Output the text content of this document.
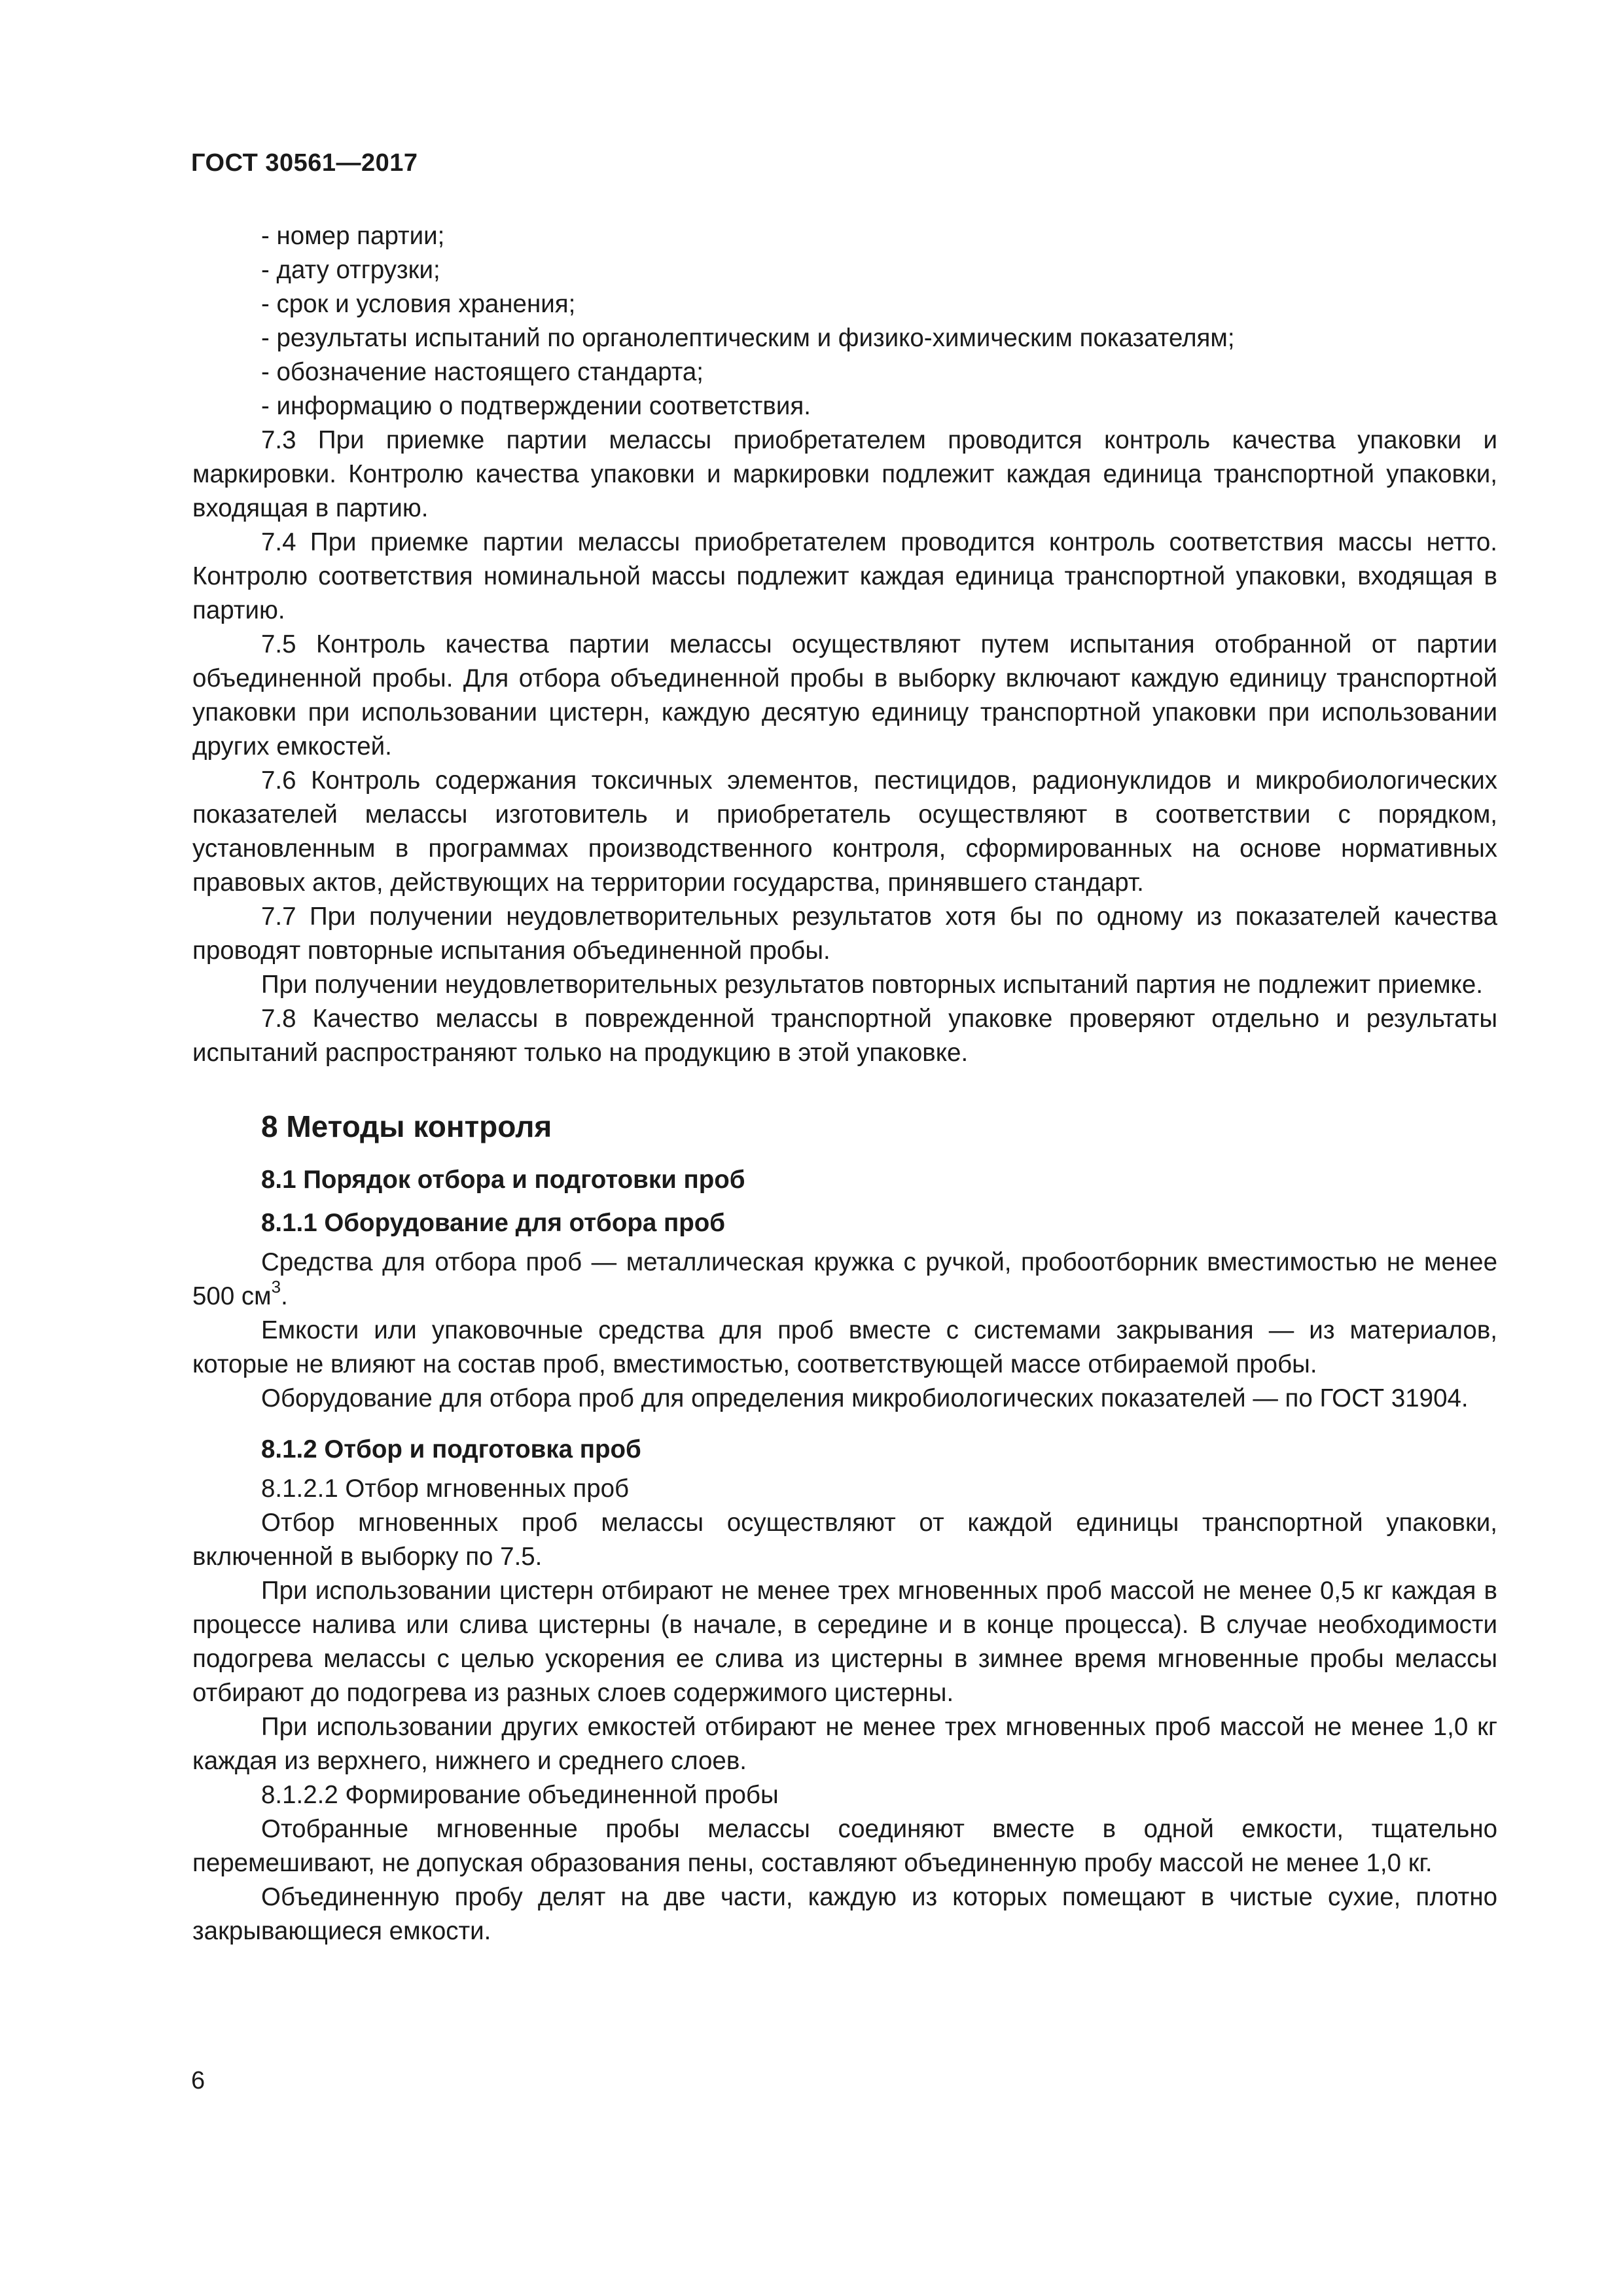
ГОСТ 30561—2017

- номер партии;

- дату отгрузки;

- срок и условия хранения;

- результаты испытаний по органолептическим и физико-химическим показателям;

- обозначение настоящего стандарта;

- информацию о подтверждении соответствия.

7.3 При приемке партии мелассы приобретателем проводится контроль качества упаковки и маркировки. Контролю качества упаковки и маркировки подлежит каждая единица транспортной упаковки, входящая в партию.

7.4 При приемке партии мелассы приобретателем проводится контроль соответствия массы нетто. Контролю соответствия номинальной массы подлежит каждая единица транспортной упаковки, входящая в партию.

7.5 Контроль качества партии мелассы осуществляют путем испытания отобранной от партии объединенной пробы. Для отбора объединенной пробы в выборку включают каждую единицу транспортной упаковки при использовании цистерн, каждую десятую единицу транспортной упаковки при использовании других емкостей.

7.6 Контроль содержания токсичных элементов, пестицидов, радионуклидов и микробиологических показателей мелассы изготовитель и приобретатель осуществляют в соответствии с порядком, установленным в программах производственного контроля, сформированных на основе нормативных правовых актов, действующих на территории государства, принявшего стандарт.

7.7 При получении неудовлетворительных результатов хотя бы по одному из показателей качества проводят повторные испытания объединенной пробы.

При получении неудовлетворительных результатов повторных испытаний партия не подлежит приемке.

7.8 Качество мелассы в поврежденной транспортной упаковке проверяют отдельно и результаты испытаний распространяют только на продукцию в этой упаковке.

8 Методы контроля
8.1 Порядок отбора и подготовки проб
8.1.1 Оборудование для отбора проб

Средства для отбора проб — металлическая кружка с ручкой, пробоотборник вместимостью не менее 500 $см^3$.

Емкости или упаковочные средства для проб вместе с системами закрывания — из материалов, которые не влияют на состав проб, вместимостью, соответствующей массе отбираемой пробы.

Оборудование для отбора проб для определения микробиологических показателей — по ГОСТ 31904.

8.1.2 Отбор и подготовка проб

8.1.2.1 Отбор мгновенных проб

Отбор мгновенных проб мелассы осуществляют от каждой единицы транспортной упаковки, включенной в выборку по 7.5.

При использовании цистерн отбирают не менее трех мгновенных проб массой не менее 0,5 кг каждая в процессе налива или слива цистерны (в начале, в середине и в конце процесса). В случае необходимости подогрева мелассы с целью ускорения ее слива из цистерны в зимнее время мгновенные пробы мелассы отбирают до подогрева из разных слоев содержимого цистерны.

При использовании других емкостей отбирают не менее трех мгновенных проб массой не менее 1,0 кг каждая из верхнего, нижнего и среднего слоев.

8.1.2.2 Формирование объединенной пробы

Отобранные мгновенные пробы мелассы соединяют вместе в одной емкости, тщательно перемешивают, не допуская образования пены, составляют объединенную пробу массой не менее 1,0 кг.

Объединенную пробу делят на две части, каждую из которых помещают в чистые сухие, плотно закрывающиеся емкости.

6
